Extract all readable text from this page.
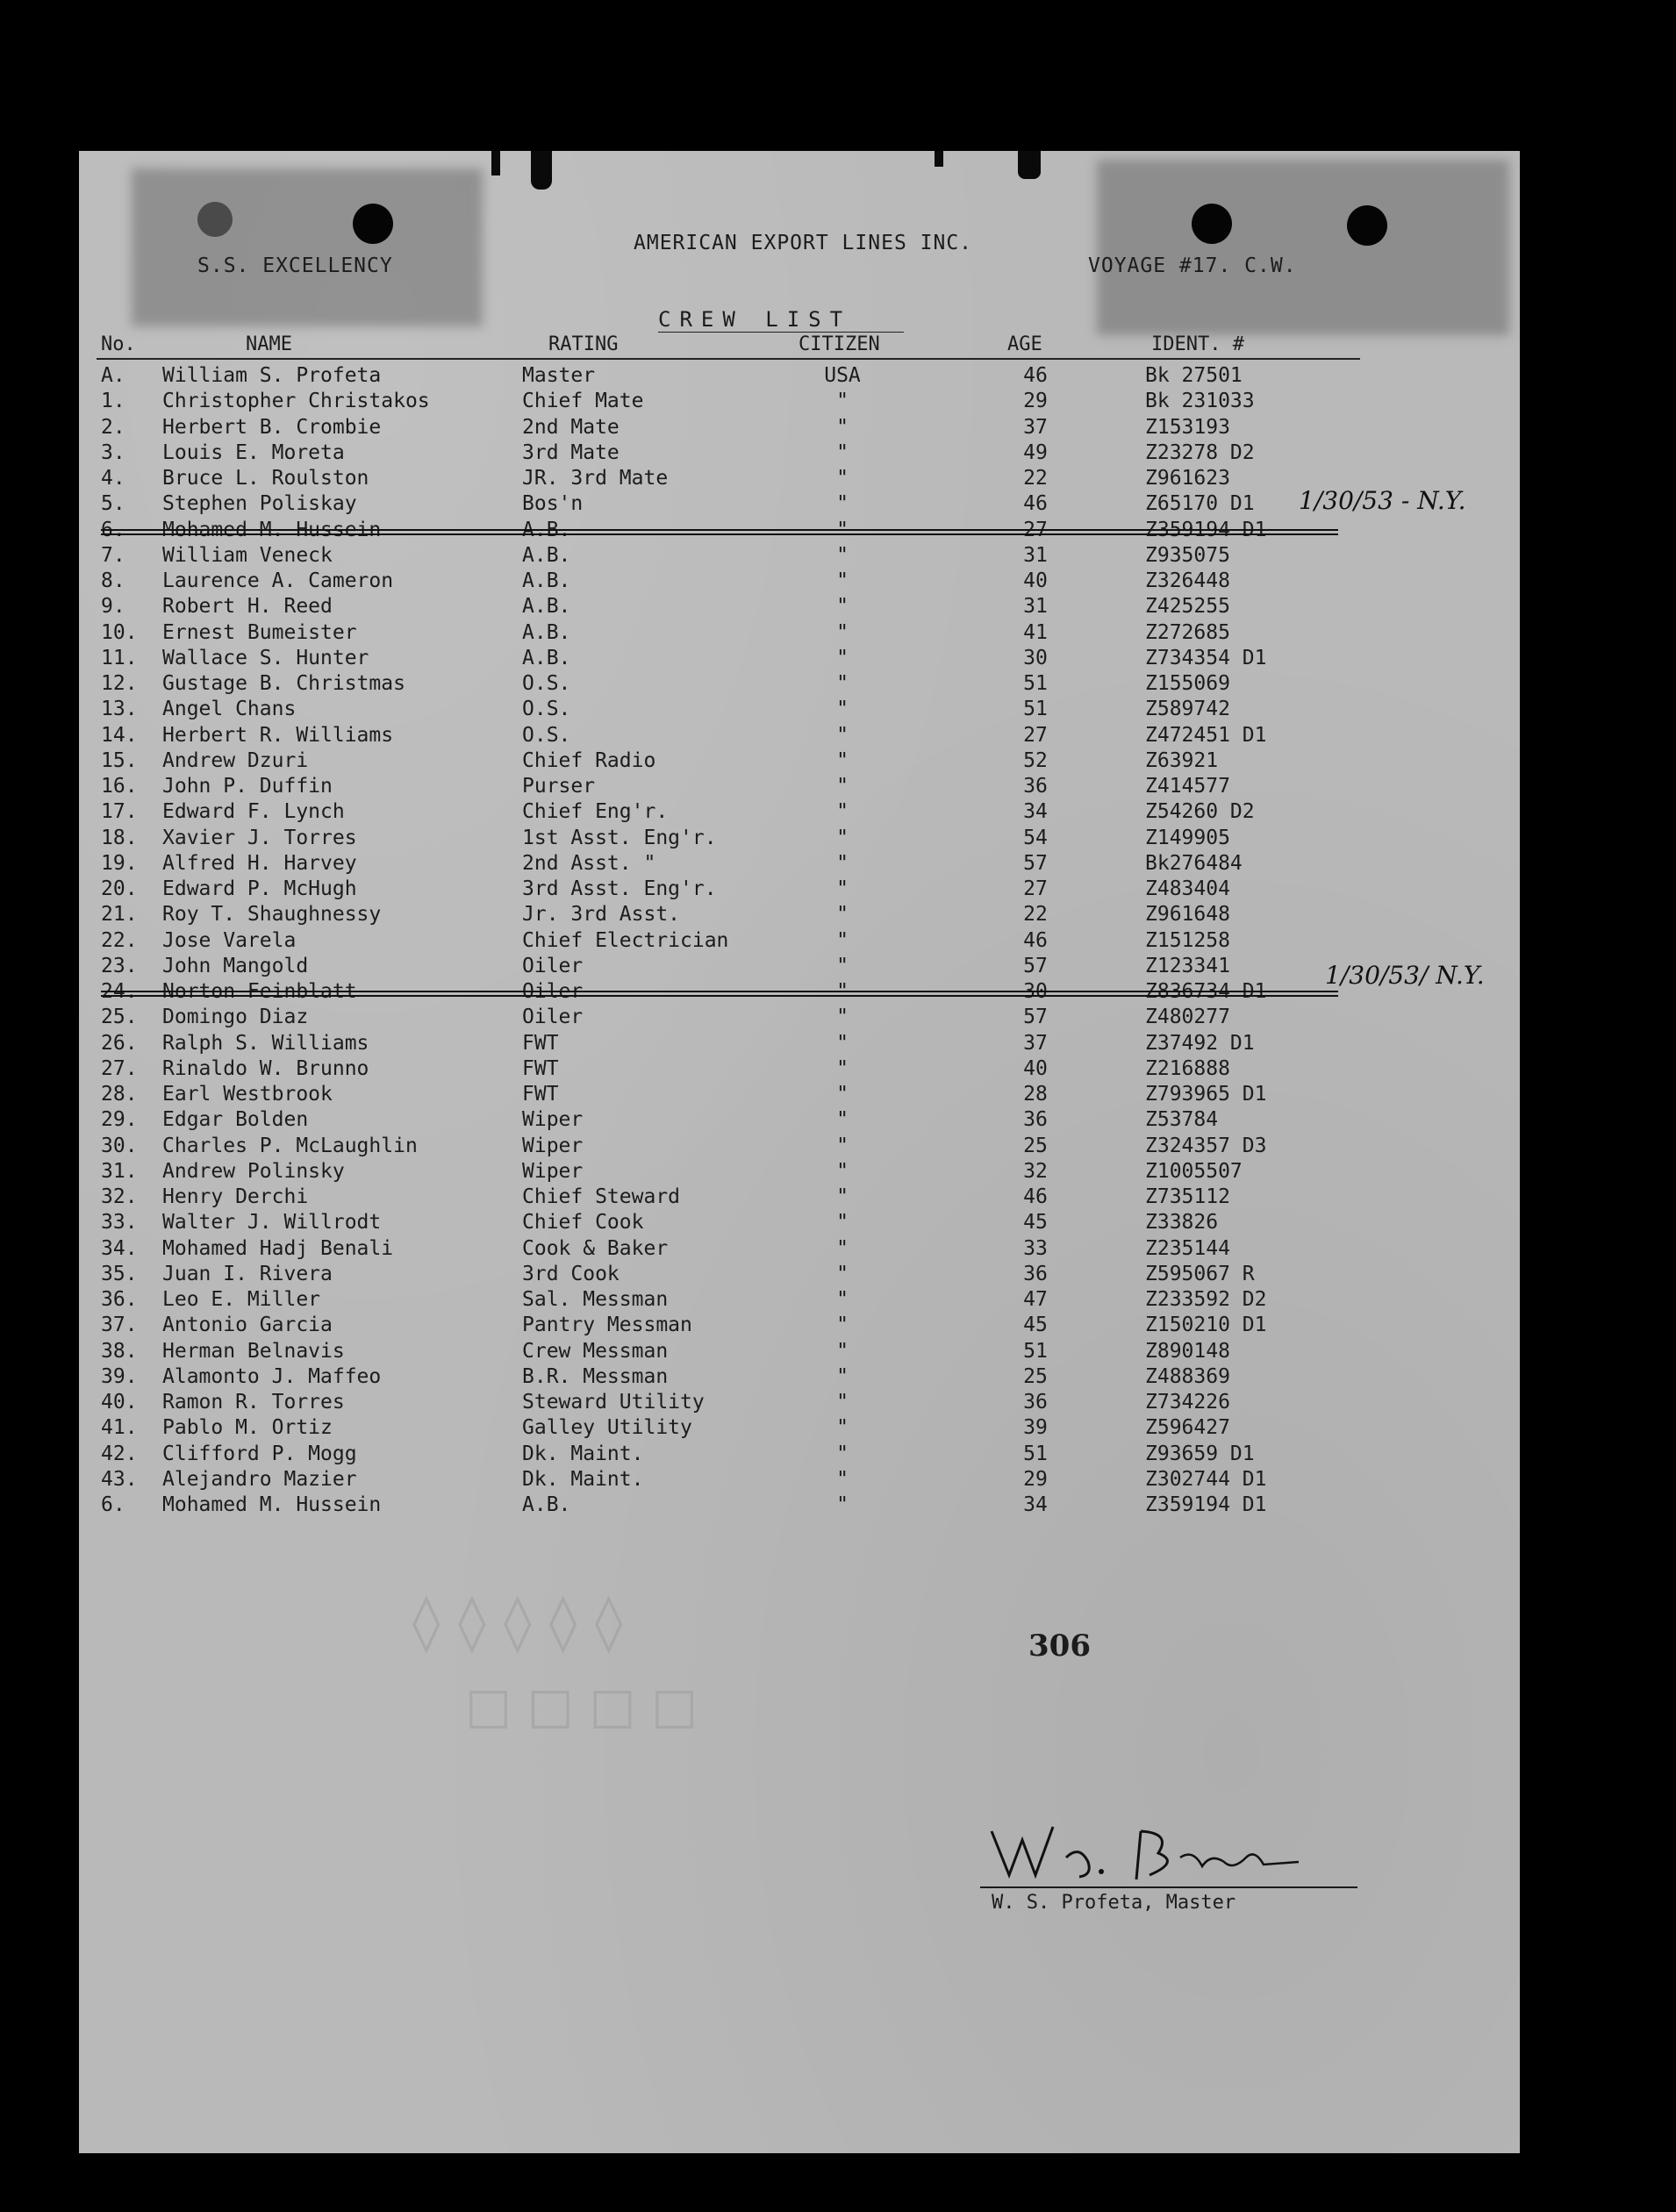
S.S. EXCELLENCY
AMERICAN EXPORT LINES INC.
VOYAGE #17. C.W.
CREW LIST
No.	NAME	RATING	CITIZEN	AGE	IDENT. #
A. William S. Profeta	Master	USA	46	Bk 27501
1. Christopher Christakos	Chief Mate	"	29	Bk 231033
2. Herbert B. Crombie	2nd Mate	"	37	Z153193
3. Louis E. Moreta	3rd Mate	"	49	Z23278 D2
4. Bruce L. Roulston	JR. 3rd Mate	"	22	Z961623
5. Stephen Poliskay	Bos'n	"	46	Z65170 D1 1/30/53 - N.Y.
7. William Veneck	A.B.	"	31	Z935075
8. Laurence A. Cameron	A.B.	"	40	Z326448
9. Robert H. Reed	A.B.	"	31	Z425255
10. Ernest Bumeister	A.B.	"	41	Z272685
11. Wallace S. Hunter	A.B.	"	30	Z734354 D1
12. Gustage B. Christmas	O.S.	"	51	Z155069
13. Angel Chans	O.S.	"	51	Z589742
14. Herbert R. Williams	O.S.	"	27	Z472451 D1
15. Andrew Dzuri	Chief Radio	"	52	Z63921
16. John P. Duffin	Purser	"	36	Z414577
17. Edward F. Lynch	Chief Eng'r.	"	34	Z54260 D2
18. Xavier J. Torres	1st Asst. Eng'r.	"	54	Z149905
19. Alfred H. Harvey	2nd Asst. "	"	57	Bk276484
20. Edward P. McHugh	3rd Asst. Eng'r.	"	27	Z483404
21. Roy T. Shaughnessy	Jr. 3rd Asst.	"	22	Z961648
22. Jose Varela	Chief Electrician	"	46	Z151258
23. John Mangold	Oiler	"	57	Z123341	1/30/53/ N.Y.
25. Domingo Diaz	Oiler	"	57	Z480277
26. Ralph S. Williams	FWT	"	37	Z37492 D1
27. Rinaldo W. Brunno	FWT	"	40	Z216888
28. Earl Westbrook	FWT	"	28	Z793965 D1
29. Edgar Bolden	Wiper	"	36	Z53784
30. Charles P. McLaughlin	Wiper	"	25	Z324357 D3
31. Andrew Polinsky	Wiper	"	32	Z1005507
32. Henry Derchi	Chief Steward	"	46	Z735112
33. Walter J. Willrodt	Chief Cook	"	45	Z33826
34. Mohamed Hadj Benali	Cook & Baker	"	33	Z235144
35. Juan I. Rivera	3rd Cook	"	36	Z595067 R
36. Leo E. Miller	Sal. Messman	"	47	Z233592 D2
37. Antonio Garcia	Pantry Messman	"	45	Z150210 D1
38. Herman Belnavis	Crew Messman	"	51	Z890148
39. Alamonto J. Maffeo	B.R. Messman	"	25	Z488369
40. Ramon R. Torres	Steward Utility	"	36	Z734226
41. Pablo M. Ortiz	Galley Utility	"	39	Z596427
42. Clifford P. Mogg	Dk. Maint.	"	51	Z93659 D1
43. Alejandro Mazier	Dk. Maint.	"	29	Z302744 D1
6. Mohamed M. Hussein	A.B.	"	34	Z359194 D1
◊ ◊ ◊ ◊ ◊
□ □ □ □
306
W. S. Profeta, Master
